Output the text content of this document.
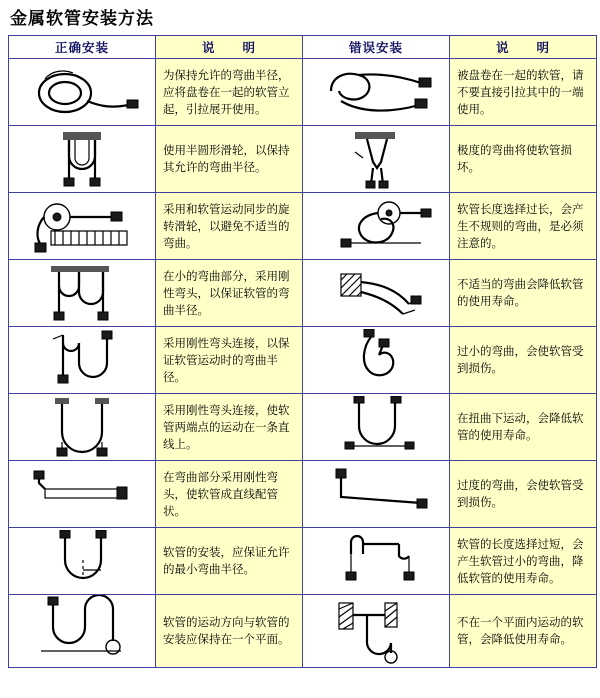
金属软管安装方法
正确安装	说　　明	错误安装	说　　明

为保持允许的弯曲半径，应将盘卷在一起的软管立起，引拉展开使用。		被盘卷在一起的软管，请不要直接引拉其中的一端使用。

使用半圆形滑轮，以保持其允许的弯曲半径。		极度的弯曲将使软管损坏。

采用和软管运动同步的旋转滑轮，以避免不适当的弯曲。		软管长度选择过长，会产生不规则的弯曲，是必须注意的。

在小的弯曲部分，采用刚性弯头，以保证软管的弯曲半径。		不适当的弯曲会降低软管的使用寿命。

采用刚性弯头连接，以保证软管运动时的弯曲半径。		过小的弯曲，会使软管受到损伤。

采用刚性弯头连接，使软管两端点的运动在一条直线上。		在扭曲下运动，会降低软管的使用寿命。

在弯曲部分采用刚性弯头，使软管成直线配管状。		过度的弯曲，会使软管受到损伤。

软管的安装，应保证允许的最小弯曲半径。		软管的长度选择过短，会产生软管过小的弯曲，降低软管的使用寿命。

软管的运动方向与软管的安装应保持在一个平面。		不在一个平面内运动的软管，会降低使用寿命。
